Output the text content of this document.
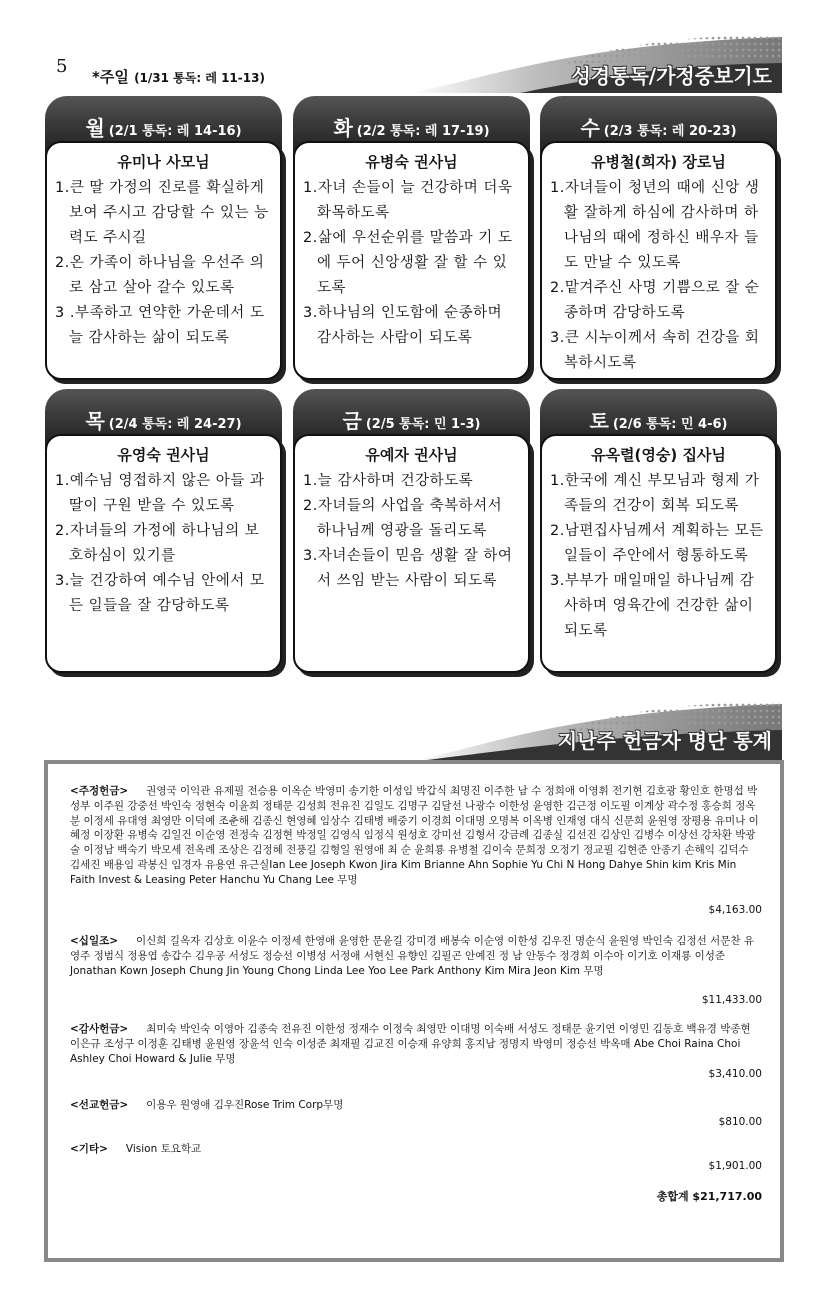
5 *주일 (1/31 통독: 레 11-13)	성경통독/가정중보기도
월 (2/1 통독: 레 14-16)
유미나 사모님
1.큰 딸 가정의 진로를 확실하게 보여 주시고 감당할 수 있는 능력도 주시길
2.온 가족이 하나님을 우선주 의로 삼고 살아 갈수 있도록
3 .부족하고 연약한 가운데서 도 늘 감사하는 삶이 되도록
화 (2/2 통독: 레 17-19)
유병숙 권사님
1.자녀 손들이 늘 건강하며 더욱 화목하도록
2.삶에 우선순위를 말씀과 기 도에 두어 신앙생활 잘 할 수 있도록
3.하나님의 인도함에 순종하며 감사하는 사람이 되도록
수 (2/3 통독: 레 20-23)
유병철(희자) 장로님
1.자녀들이 청년의 때에 신앙 생활 잘하게 하심에 감사하며 하나님의 때에 정하신 배우자 들도 만날 수 있도록
2.맡겨주신 사명 기쁨으로 잘 순종하며 감당하도록
3.큰 시누이께서 속히 건강을 회복하시도록
목 (2/4 통독: 레 24-27)
유영숙 권사님
1.예수님 영접하지 않은 아들 과 딸이 구원 받을 수 있도록
2.자녀들의 가정에 하나님의 보호하심이 있기를
3.늘 건강하여 예수님 안에서 모든 일들을 잘 감당하도록
금 (2/5 통독: 민 1-3)
유예자 권사님
1.늘 감사하며 건강하도록
2.자녀들의 사업을 축복하셔서 하나님께 영광을 돌리도록
3.자녀손들이 믿음 생활 잘 하여서 쓰임 받는 사람이 되도록
토 (2/6 통독: 민 4-6)
유옥렬(영숭) 집사님
1.한국에 계신 부모님과 형제 가족들의 건강이 회복 되도록
2.남편집사님께서 계획하는 모든 일들이 주안에서 형통하도록
3.부부가 매일매일 하나님께 감사하며 영육간에 건강한 삶이 되도록
지난주 헌금자 명단 통계
<주정헌금> 권영국 이익관 유제필 전승용 이옥순 박영미 송기한 이성임 박갑식 최명진 이주한 남 수 정희애 이영휘 전기현 김호광 황인호 한명섭 박성부 이주원 강중선 박인숙 정현숙 이윤희 정태문 김성희 전유진 김일도 김명구 김달선 나광수 이한성 윤영한 김근정 이도필 이계상 곽수정 홍승희 정옥분 이정세 유대영 최영만 이덕예 조춘해 김종신 현영혜 임상수 김태병 배중기 이경희 이대명 오명복 이옥병 인재영 대식 신문희 윤원영 장평용 유미나 이혜정 이장환 유병숙 김일건 이순영 전정숙 김정현 박정일 김영식 임정식 원성호 강미선 김형서 강금례 김종실 김선진 김상인 김병수 이상선 강차환 박광술 이정남 백숙기 박모세 전옥례 조상은 김정혜 전풍길 김형일 원영애 최 순 윤희룡 유병철 김이숙 문희정 오정기 정교필 김현준 안종기 손해익 김덕수 김세진 배용임 곽봉신 임경자 유용연 유근실Ian Lee Joseph Kwon Jira Kim Brianne Ahn Sophie Yu Chi N Hong Dahye Shin kim Kris Min Faith Invest & Leasing Peter Hanchu Yu Chang Lee 무명
$4,163.00
<십일조> 이신희 길옥자 김상호 이윤수 이정세 한영애 윤영한 문윤길 강미경 배봉숙 이순영 이한성 김우진 명순식 윤원영 박인숙 김정선 서문찬 유영주 정범식 정용엽 송갑수 김우공 서성도 정승선 이병성 서정애 서현신 유향인 김필곤 안예진 정 남 안동수 정경희 이수아 이기호 이재룡 이성준 Jonathan Kown Joseph Chung Jin Young Chong Linda Lee Yoo Lee Park Anthony Kim Mira Jeon Kim 무명
$11,433.00
<감사헌금> 최미숙 박인숙 이영아 김종숙 전유진 이한성 정재수 이정숙 최영만 이대명 이숙배 서성도 정태문 윤기연 이영민 김동호 백유경 박종현 이은규 조성구 이정훈 김태병 윤원영 장윤석 인숙 이성준 최재필 김교진 이승재 유양희 홍지남 정명지 박영미 정승선 박옥매 Abe Choi Raina Choi Ashley Choi Howard & Julie 무명
$3,410.00
<선교헌금> 이용우 원영애 김우진Rose Trim Corp무명
$810.00
<기타> Vision 토요학교
$1,901.00
총합계 $21,717.00
